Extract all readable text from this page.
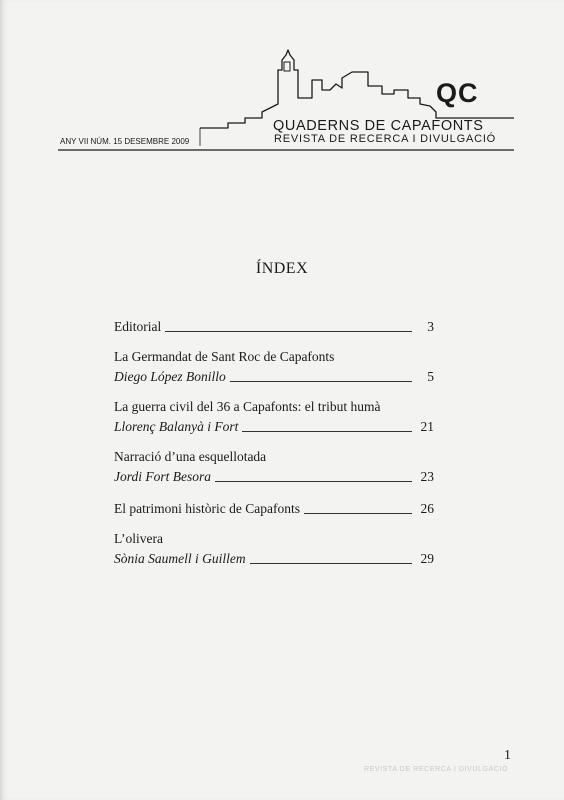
QC
QUADERNS DE CAPAFONTS
REVISTA DE RECERCA I DIVULGACIÓ
ANY VII NÚM. 15 DESEMBRE 2009
ÍNDEX
Editorial	3
La Germandat de Sant Roc de Capafonts
Diego López Bonillo	5
La guerra civil del 36 a Capafonts: el tribut humà
Llorenç Balanyà i Fort	21
Narració d’una esquellotada
Jordi Fort Besora	23
El patrimoni històric de Capafonts	26
L’olivera
Sònia Saumell i Guillem	29
1
REVISTA DE RECERCA I DIVULGACIÓ
